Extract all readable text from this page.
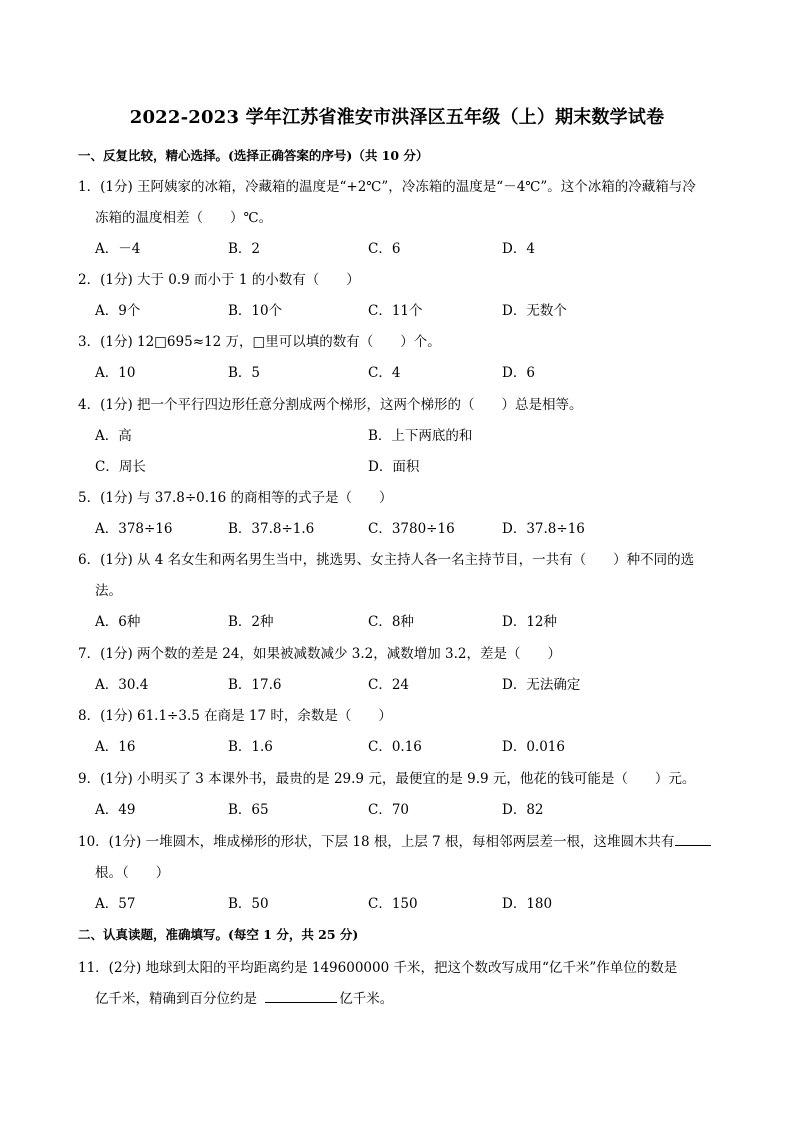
2022-2023 学年江苏省淮安市洪泽区五年级（上）期末数学试卷
一、反复比较，精心选择。(选择正确答案的序号)（共 10 分）
1．(1分) 王阿姨家的冰箱，冷藏箱的温度是“+2℃”，冷冻箱的温度是“－4℃”。这个冰箱的冷藏箱与冷
冻箱的温度相差（　　）℃。
A．－4	B．2	C．6	D．4
2．(1分) 大于 0.9 而小于 1 的小数有（　　）
A．9个	B．10个	C．11个	D．无数个
3．(1分) 12□695≈12 万，□里可以填的数有（　　）个。
A．10	B．5	C．4	D．6
4．(1分) 把一个平行四边形任意分割成两个梯形，这两个梯形的（　　）总是相等。
A．高	B．上下两底的和
C．周长	D．面积
5．(1分) 与 37.8÷0.16 的商相等的式子是（　　）
A．378÷16	B．37.8÷1.6	C．3780÷16	D．37.8÷16
6．(1分) 从 4 名女生和两名男生当中，挑选男、女主持人各一名主持节目，一共有（　　）种不同的选
法。
A．6种	B．2种	C．8种	D．12种
7．(1分) 两个数的差是 24，如果被减数减少 3.2，减数增加 3.2，差是（　　）
A．30.4	B．17.6	C．24	D．无法确定
8．(1分) 61.1÷3.5 在商是 17 时，余数是（　　）
A．16	B．1.6	C．0.16	D．0.016
9．(1分) 小明买了 3 本课外书，最贵的是 29.9 元，最便宜的是 9.9 元，他花的钱可能是（　　）元。
A．49	B．65	C．70	D．82
10．(1分) 一堆圆木，堆成梯形的形状，下层 18 根，上层 7 根，每相邻两层差一根，这堆圆木共有
根。（　　）
A．57	B．50	C．150	D．180
二、认真读题，准确填写。(每空 1 分，共 25 分)
11．(2分) 地球到太阳的平均距离约是 149600000 千米，把这个数改写成用“亿千米”作单位的数是
亿千米，精确到百分位约是	亿千米。
